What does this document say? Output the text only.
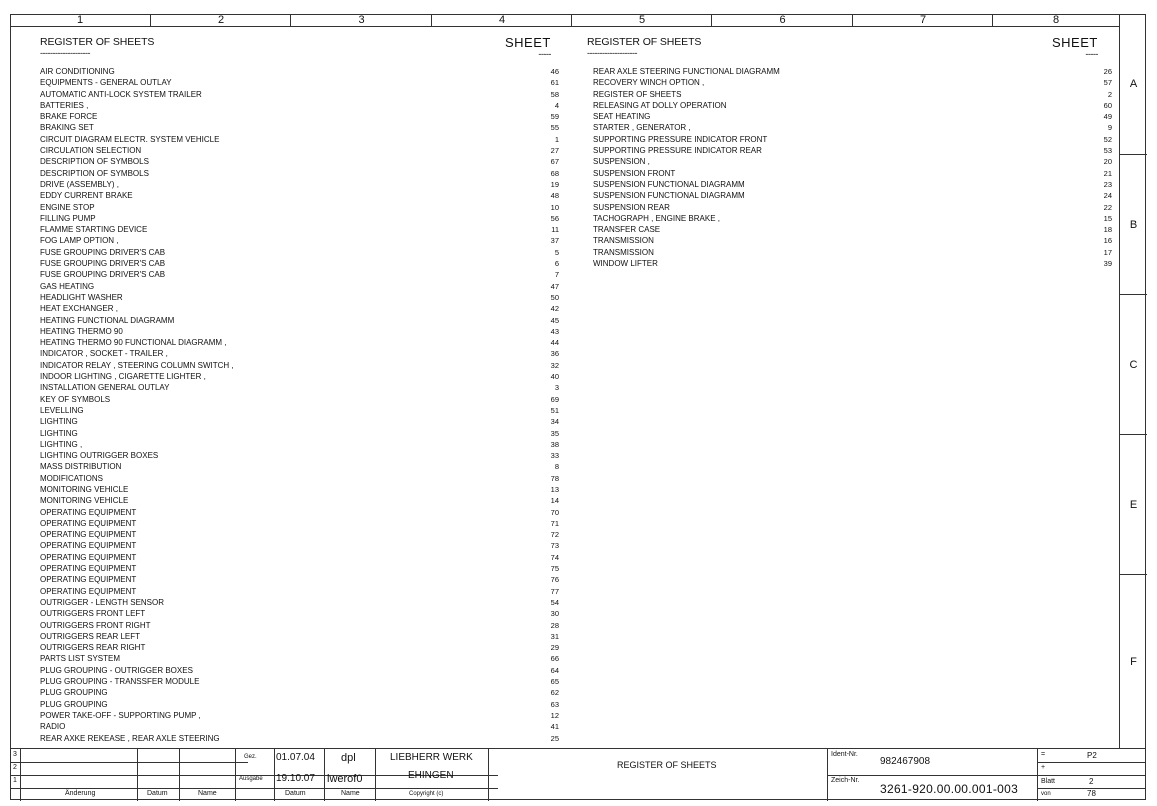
1	2	3	4	5	6	7	8
A
B
C
E
F
REGISTER OF SHEETS
--------------------
SHEET
-----
AIR CONDITIONING	46
EQUIPMENTS - GENERAL OUTLAY	61
AUTOMATIC ANTI-LOCK SYSTEM TRAILER	58
BATTERIES ,	4
BRAKE FORCE	59
BRAKING SET	55
CIRCUIT DIAGRAM ELECTR. SYSTEM VEHICLE	1
CIRCULATION SELECTION	27
DESCRIPTION OF SYMBOLS	67
DESCRIPTION OF SYMBOLS	68
DRIVE (ASSEMBLY) ,	19
EDDY CURRENT BRAKE	48
ENGINE STOP	10
FILLING PUMP	56
FLAMME STARTING DEVICE	11
FOG LAMP OPTION ,	37
FUSE GROUPING DRIVER'S CAB	5
FUSE GROUPING DRIVER'S CAB	6
FUSE GROUPING DRIVER'S CAB	7
GAS HEATING	47
HEADLIGHT WASHER	50
HEAT EXCHANGER ,	42
HEATING FUNCTIONAL DIAGRAMM	45
HEATING THERMO 90	43
HEATING THERMO 90 FUNCTIONAL DIAGRAMM ,	44
INDICATOR , SOCKET - TRAILER ,	36
INDICATOR RELAY , STEERING COLUMN SWITCH ,	32
INDOOR LIGHTING , CIGARETTE LIGHTER ,	40
INSTALLATION GENERAL OUTLAY	3
KEY OF SYMBOLS	69
LEVELLING	51
LIGHTING	34
LIGHTING	35
LIGHTING ,	38
LIGHTING OUTRIGGER BOXES	33
MASS DISTRIBUTION	8
MODIFICATIONS	78
MONITORING VEHICLE	13
MONITORING VEHICLE	14
OPERATING EQUIPMENT	70
OPERATING EQUIPMENT	71
OPERATING EQUIPMENT	72
OPERATING EQUIPMENT	73
OPERATING EQUIPMENT	74
OPERATING EQUIPMENT	75
OPERATING EQUIPMENT	76
OPERATING EQUIPMENT	77
OUTRIGGER - LENGTH SENSOR	54
OUTRIGGERS FRONT LEFT	30
OUTRIGGERS FRONT RIGHT	28
OUTRIGGERS REAR LEFT	31
OUTRIGGERS REAR RIGHT	29
PARTS LIST SYSTEM	66
PLUG GROUPING - OUTRIGGER BOXES	64
PLUG GROUPING - TRANSSFER MODULE	65
PLUG GROUPING	62
PLUG GROUPING	63
POWER TAKE-OFF - SUPPORTING PUMP ,	12
RADIO	41
REAR AXKE REKEASE , REAR AXLE STEERING	25
REGISTER OF SHEETS
--------------------
SHEET
-----
REAR AXLE STEERING FUNCTIONAL DIAGRAMM	26
RECOVERY WINCH OPTION ,	57
REGISTER OF SHEETS	2
RELEASING AT DOLLY OPERATION	60
SEAT HEATING	49
STARTER , GENERATOR ,	9
SUPPORTING PRESSURE INDICATOR FRONT	52
SUPPORTING PRESSURE INDICATOR REAR	53
SUSPENSION ,	20
SUSPENSION FRONT	21
SUSPENSION FUNCTIONAL DIAGRAMM	23
SUSPENSION FUNCTIONAL DIAGRAMM	24
SUSPENSION REAR	22
TACHOGRAPH , ENGINE BRAKE ,	15
TRANSFER CASE	18
TRANSMISSION	16
TRANSMISSION	17
WINDOW LIFTER	39
3
2
1
Änderung	Datum	Name
Gez. 01.07.04 dpl
Ausgabe 19.10.07 lwerof0
Datum	Name
LIEBHERR WERK
EHINGEN
Copyright (c)
REGISTER OF SHEETS
Ident-Nr.
982467908
Zeich-Nr.
3261-920.00.00.001-003
=	P2
+
Blatt	2
von	78
